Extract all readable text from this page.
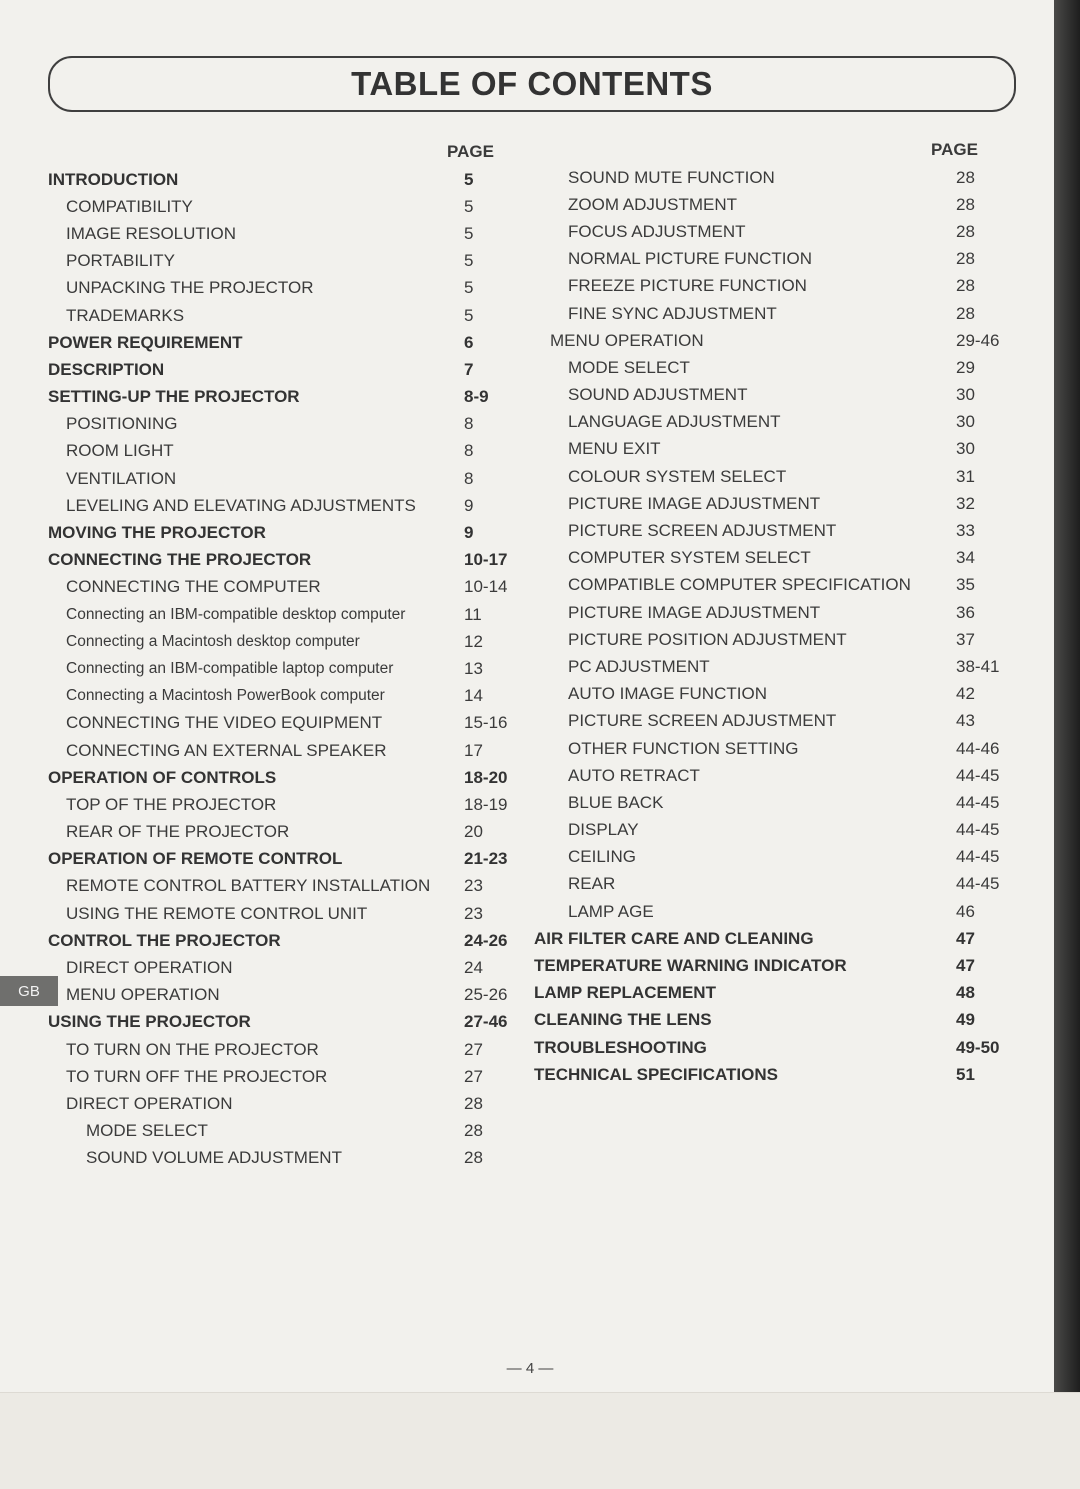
TABLE OF CONTENTS
PAGE	PAGE
INTRODUCTION	5
COMPATIBILITY	5
IMAGE RESOLUTION	5
PORTABILITY	5
UNPACKING THE PROJECTOR	5
TRADEMARKS	5
POWER REQUIREMENT	6
DESCRIPTION	7
SETTING-UP THE PROJECTOR	8-9
POSITIONING	8
ROOM LIGHT	8
VENTILATION	8
LEVELING AND ELEVATING ADJUSTMENTS	9
MOVING THE PROJECTOR	9
CONNECTING THE PROJECTOR	10-17
CONNECTING THE COMPUTER	10-14
Connecting an IBM-compatible desktop computer	11
Connecting a Macintosh desktop computer	12
Connecting an IBM-compatible laptop computer	13
Connecting a Macintosh PowerBook computer	14
CONNECTING THE VIDEO EQUIPMENT	15-16
CONNECTING AN EXTERNAL SPEAKER	17
OPERATION OF CONTROLS	18-20
TOP OF THE PROJECTOR	18-19
REAR OF THE PROJECTOR	20
OPERATION OF REMOTE CONTROL	21-23
REMOTE CONTROL BATTERY INSTALLATION	23
USING THE REMOTE CONTROL UNIT	23
CONTROL THE PROJECTOR	24-26
DIRECT OPERATION	24
MENU OPERATION	25-26
USING THE PROJECTOR	27-46
TO TURN ON THE PROJECTOR	27
TO TURN OFF THE PROJECTOR	27
DIRECT OPERATION	28
MODE SELECT	28
SOUND VOLUME ADJUSTMENT	28
SOUND MUTE FUNCTION	28
ZOOM ADJUSTMENT	28
FOCUS ADJUSTMENT	28
NORMAL PICTURE FUNCTION	28
FREEZE PICTURE FUNCTION	28
FINE SYNC ADJUSTMENT	28
MENU OPERATION	29-46
MODE SELECT	29
SOUND ADJUSTMENT	30
LANGUAGE ADJUSTMENT	30
MENU EXIT	30
COLOUR SYSTEM SELECT	31
PICTURE IMAGE ADJUSTMENT	32
PICTURE SCREEN ADJUSTMENT	33
COMPUTER SYSTEM SELECT	34
COMPATIBLE COMPUTER SPECIFICATION	35
PICTURE IMAGE ADJUSTMENT	36
PICTURE POSITION ADJUSTMENT	37
PC ADJUSTMENT	38-41
AUTO IMAGE FUNCTION	42
PICTURE SCREEN ADJUSTMENT	43
OTHER FUNCTION SETTING	44-46
AUTO RETRACT	44-45
BLUE BACK	44-45
DISPLAY	44-45
CEILING	44-45
REAR	44-45
LAMP AGE	46
AIR FILTER CARE AND CLEANING	47
TEMPERATURE WARNING INDICATOR	47
LAMP REPLACEMENT	48
CLEANING THE LENS	49
TROUBLESHOOTING	49-50
TECHNICAL SPECIFICATIONS	51
GB
— 4 —
